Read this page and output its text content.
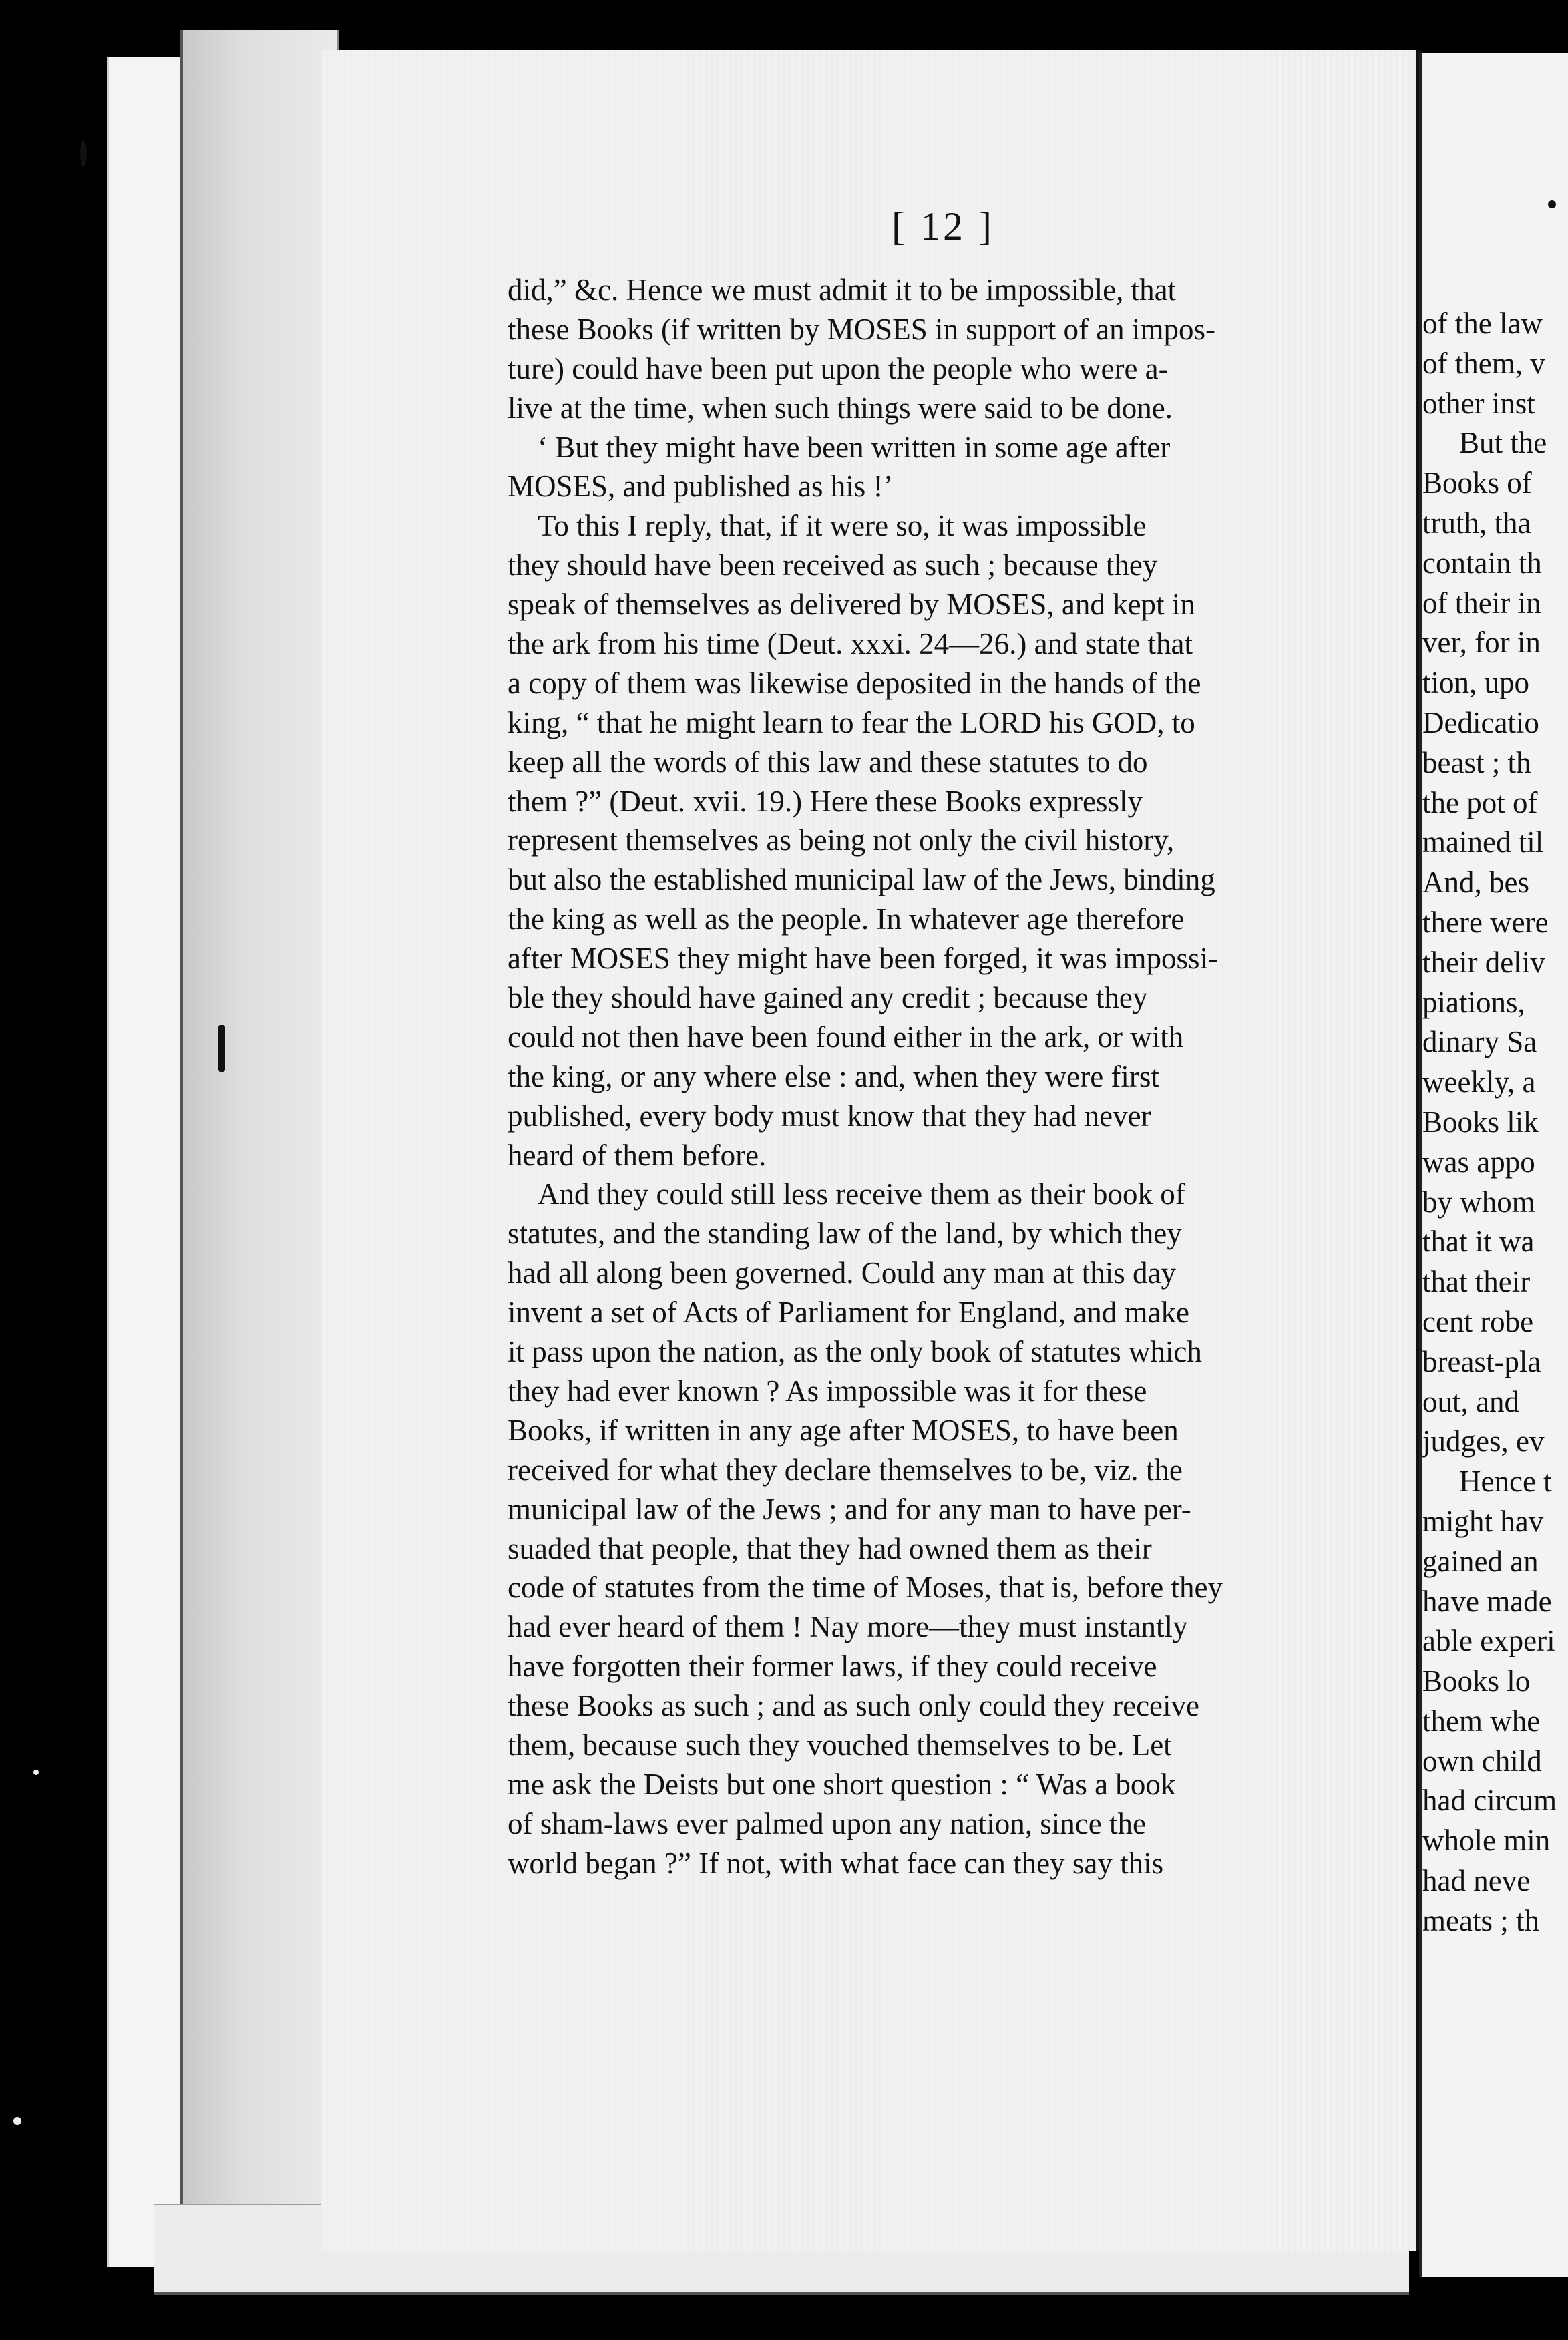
[ 12 ]
did,” &c. Hence we must admit it to be impossible, that
these Books (if written by MOSES in support of an impos-
ture) could have been put upon the people who were a-
live at the time, when such things were said to be done.
‘ But they might have been written in some age after
MOSES, and published as his !’
To this I reply, that, if it were so, it was impossible
they should have been received as such ; because they
speak of themselves as delivered by MOSES, and kept in
the ark from his time (Deut. xxxi. 24—26.) and state that
a copy of them was likewise deposited in the hands of the
king, “ that he might learn to fear the LORD his GOD, to
keep all the words of this law and these statutes to do
them ?” (Deut. xvii. 19.) Here these Books expressly
represent themselves as being not only the civil history,
but also the established municipal law of the Jews, binding
the king as well as the people. In whatever age therefore
after MOSES they might have been forged, it was impossi-
ble they should have gained any credit ; because they
could not then have been found either in the ark, or with
the king, or any where else : and, when they were first
published, every body must know that they had never
heard of them before.
And they could still less receive them as their book of
statutes, and the standing law of the land, by which they
had all along been governed. Could any man at this day
invent a set of Acts of Parliament for England, and make
it pass upon the nation, as the only book of statutes which
they had ever known ? As impossible was it for these
Books, if written in any age after MOSES, to have been
received for what they declare themselves to be, viz. the
municipal law of the Jews ; and for any man to have per-
suaded that people, that they had owned them as their
code of statutes from the time of Moses, that is, before they
had ever heard of them ! Nay more—they must instantly
have forgotten their former laws, if they could receive
these Books as such ; and as such only could they receive
them, because such they vouched themselves to be. Let
me ask the Deists but one short question : “ Was a book
of sham-laws ever palmed upon any nation, since the
world began ?” If not, with what face can they say this
of the law
of them, v
other inst
But the
Books of
truth, tha
contain th
of their in
ver, for in
tion, upo
Dedicatio
beast ; th
the pot of
mained til
And, bes
there were
their deliv
piations,
dinary Sa
weekly, a
Books lik
was appo
by whom
that it wa
that their
cent robe
breast-pla
out, and
judges, ev
Hence t
might hav
gained an
have made
able experi
Books lo
them whe
own child
had circum
whole min
had neve
meats ; th
